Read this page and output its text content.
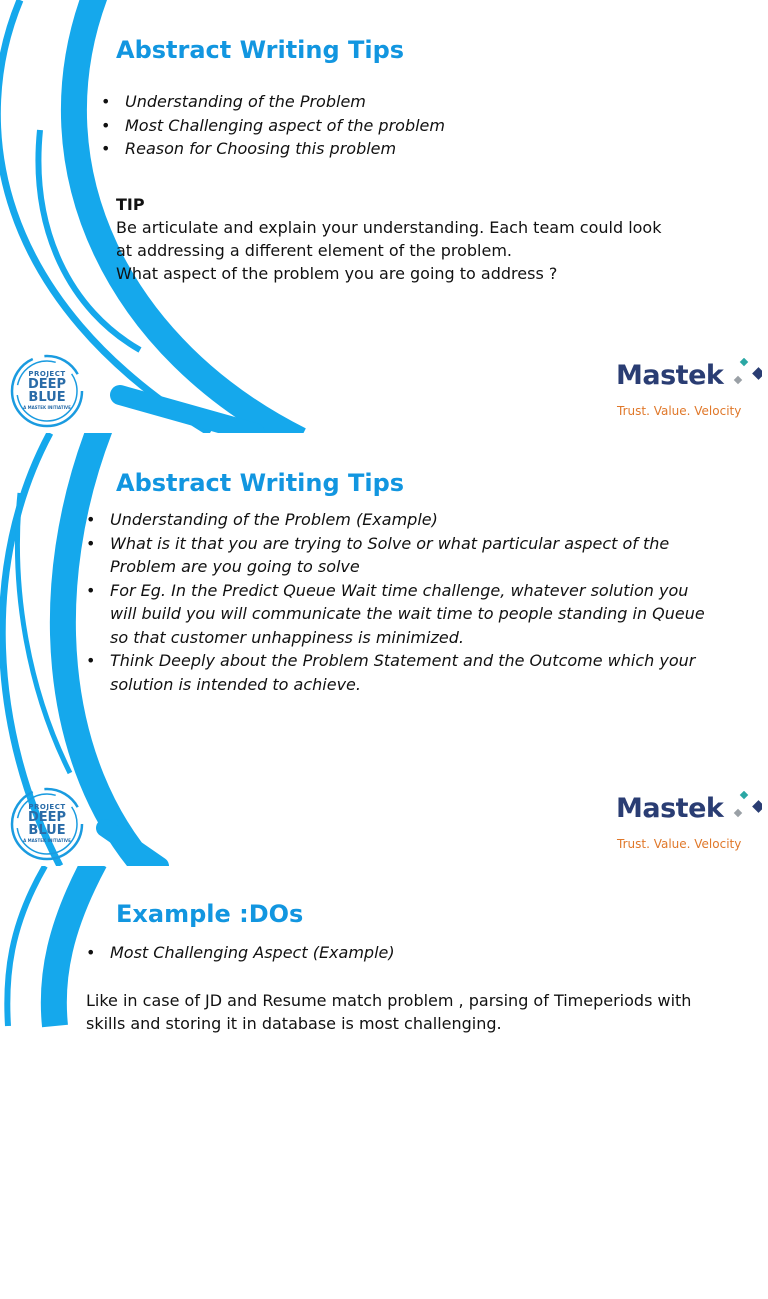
Abstract Writing Tips
• Understanding of the Problem
• Most Challenging aspect of the problem
• Reason for Choosing this problem
TIP
Be articulate and explain your understanding. Each team could look
at addressing a different element of the problem.
What aspect of the problem you are going to address ?
PROJECT
DEEP
BLUE
A MASTEK INITIATIVE
Mastek
Trust. Value. Velocity
Abstract Writing Tips
• Understanding of the Problem (Example)
• What is it that you are trying to Solve or what particular aspect of the Problem are you going to solve
• For Eg. In the Predict Queue Wait time challenge, whatever solution you will build you will communicate the wait time to people standing in Queue so that customer unhappiness is minimized.
• Think Deeply about the Problem Statement and the Outcome which your solution is intended to achieve.
PROJECT
DEEP
BLUE
A MASTEK INITIATIVE
Mastek
Trust. Value. Velocity
Example :DOs
• Most Challenging Aspect (Example)
Like in case of JD and Resume match problem , parsing of Timeperiods with skills and storing it in database is most challenging.
